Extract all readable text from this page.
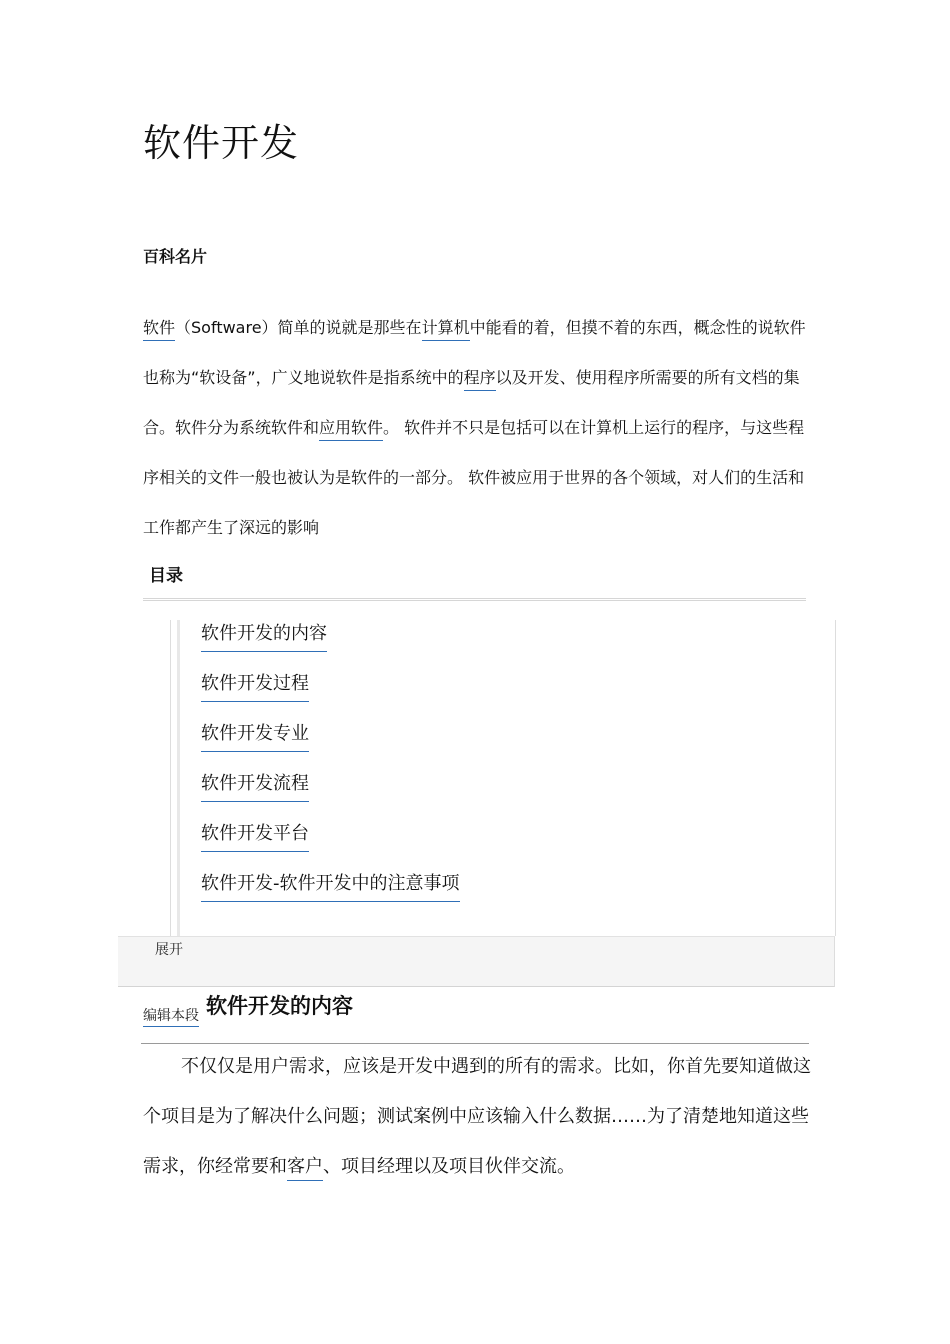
软件开发
百科名片
软件（Software）简单的说就是那些在计算机中能看的着，但摸不着的东西，概念性的说软件也称为“软设备”，广义地说软件是指系统中的程序以及开发、使用程序所需要的所有文档的集合。软件分为系统软件和应用软件。 软件并不只是包括可以在计算机上运行的程序，与这些程序相关的文件一般也被认为是软件的一部分。 软件被应用于世界的各个领域，对人们的生活和工作都产生了深远的影响
目录
软件开发的内容
软件开发过程
软件开发专业
软件开发流程
软件开发平台
软件开发-软件开发中的注意事项
展开
编辑本段 软件开发的内容
不仅仅是用户需求，应该是开发中遇到的所有的需求。比如，你首先要知道做这个项目是为了解决什么问题；测试案例中应该输入什么数据……为了清楚地知道这些需求，你经常要和客户、项目经理以及项目伙伴交流。
